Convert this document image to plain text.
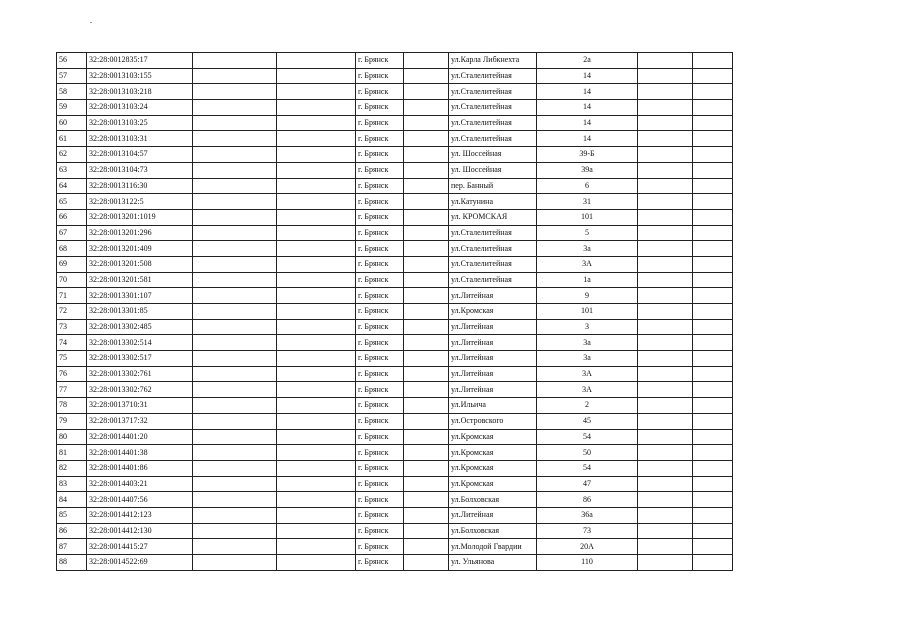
56	32:28:0012835:17			г. Брянск		ул.Карла Либкнехта	2а		
57	32:28:0013103:155			г. Брянск		ул.Сталелитейная	14		
58	32:28:0013103:218			г. Брянск		ул.Сталелитейная	14		
59	32:28:0013103:24			г. Брянск		ул.Сталелитейная	14		
60	32:28:0013103:25			г. Брянск		ул.Сталелитейная	14		
61	32:28:0013103:31			г. Брянск		ул.Сталелитейная	14		
62	32:28:0013104:57			г. Брянск		ул. Шоссейная	39-Б		
63	32:28:0013104:73			г. Брянск		ул. Шоссейная	39а		
64	32:28:0013116:30			г. Брянск		пер. Банный	6		
65	32:28:0013122:5			г. Брянск		ул.Катунина	31		
66	32:28:0013201:1019			г. Брянск		ул. КРОМСКАЯ	101		
67	32:28:0013201:296			г. Брянск		ул.Сталелитейная	5		
68	32:28:0013201:409			г. Брянск		ул.Сталелитейная	3а		
69	32:28:0013201:508			г. Брянск		ул.Сталелитейная	3А		
70	32:28:0013201:581			г. Брянск		ул.Сталелитейная	1а		
71	32:28:0013301:107			г. Брянск		ул.Литейная	9		
72	32:28:0013301:85			г. Брянск		ул.Кромская	101		
73	32:28:0013302:485			г. Брянск		ул.Литейная	3		
74	32:28:0013302:514			г. Брянск		ул.Литейная	3а		
75	32:28:0013302:517			г. Брянск		ул.Литейная	3а		
76	32:28:0013302:761			г. Брянск		ул.Литейная	3А		
77	32:28:0013302:762			г. Брянск		ул.Литейная	3А		
78	32:28:0013710:31			г. Брянск		ул.Ильича	2		
79	32:28:0013717:32			г. Брянск		ул.Островского	45		
80	32:28:0014401:20			г. Брянск		ул.Кромская	54		
81	32:28:0014401:38			г. Брянск		ул.Кромская	50		
82	32:28:0014401:86			г. Брянск		ул.Кромская	54		
83	32:28:0014403:21			г. Брянск		ул.Кромская	47		
84	32:28:0014407:56			г. Брянск		ул.Болховская	86		
85	32:28:0014412:123			г. Брянск		ул.Литейная	36а		
86	32:28:0014412:130			г. Брянск		ул.Болховская	73		
87	32:28:0014415:27			г. Брянск		ул.Молодой Гвардии	20А		
88	32:28:0014522:69			г. Брянск		ул. Ульянова	110		
